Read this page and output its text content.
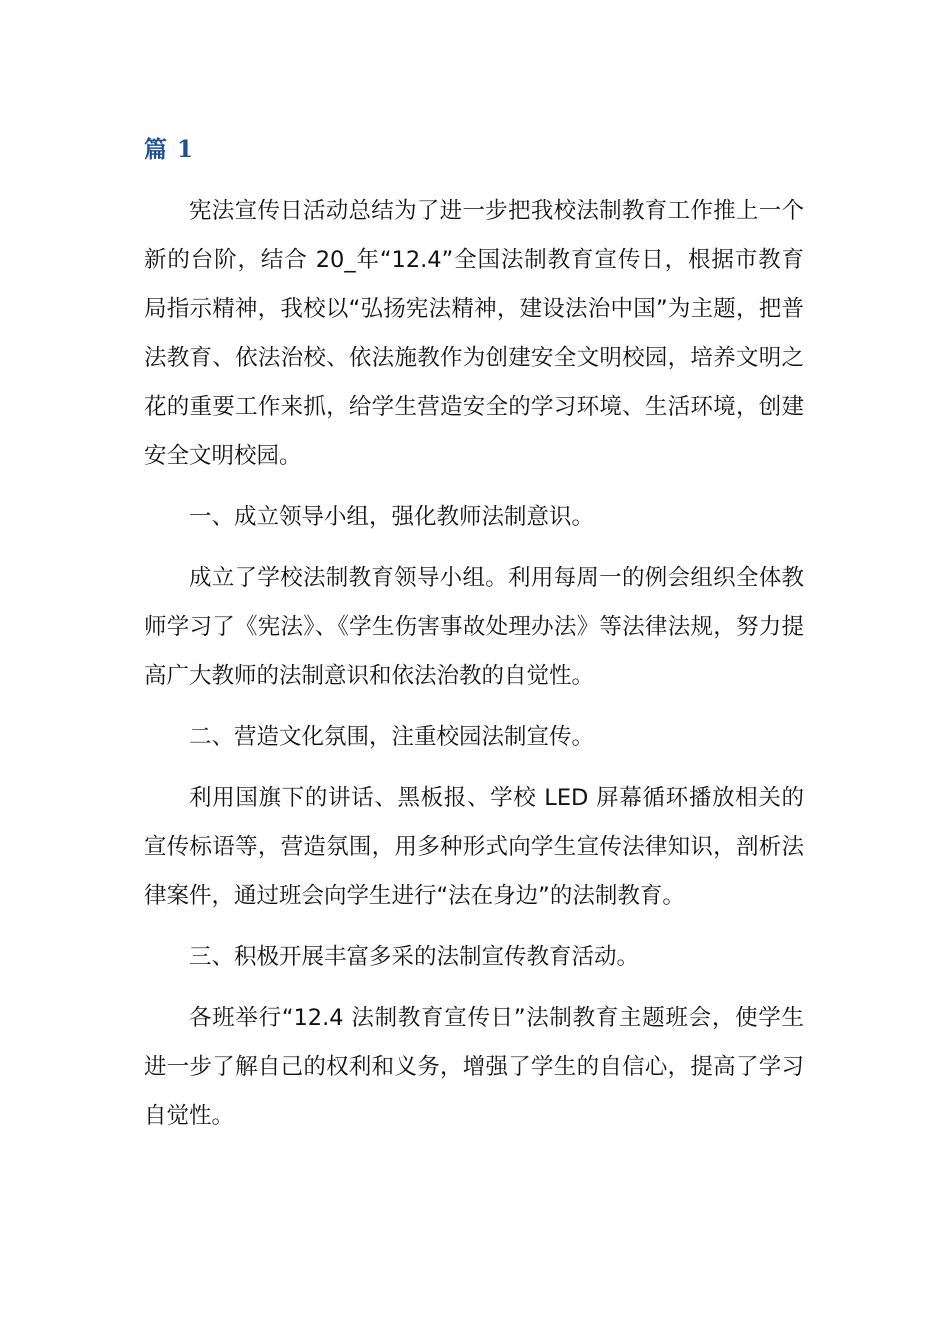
篇 1

宪法宣传日活动总结为了进一步把我校法制教育工作推上一个新的台阶，结合 20_年“12.4”全国法制教育宣传日，根据市教育局指示精神，我校以“弘扬宪法精神，建设法治中国”为主题，把普法教育、依法治校、依法施教作为创建安全文明校园，培养文明之花的重要工作来抓，给学生营造安全的学习环境、生活环境，创建安全文明校园。

一、成立领导小组，强化教师法制意识。

成立了学校法制教育领导小组。利用每周一的例会组织全体教师学习了《宪法》、《学生伤害事故处理办法》等法律法规，努力提高广大教师的法制意识和依法治教的自觉性。

二、营造文化氛围，注重校园法制宣传。

利用国旗下的讲话、黑板报、学校 LED 屏幕循环播放相关的宣传标语等，营造氛围，用多种形式向学生宣传法律知识，剖析法律案件，通过班会向学生进行“法在身边”的法制教育。

三、积极开展丰富多采的法制宣传教育活动。

各班举行“12.4 法制教育宣传日”法制教育主题班会，使学生进一步了解自己的权利和义务，增强了学生的自信心，提高了学习自觉性。
